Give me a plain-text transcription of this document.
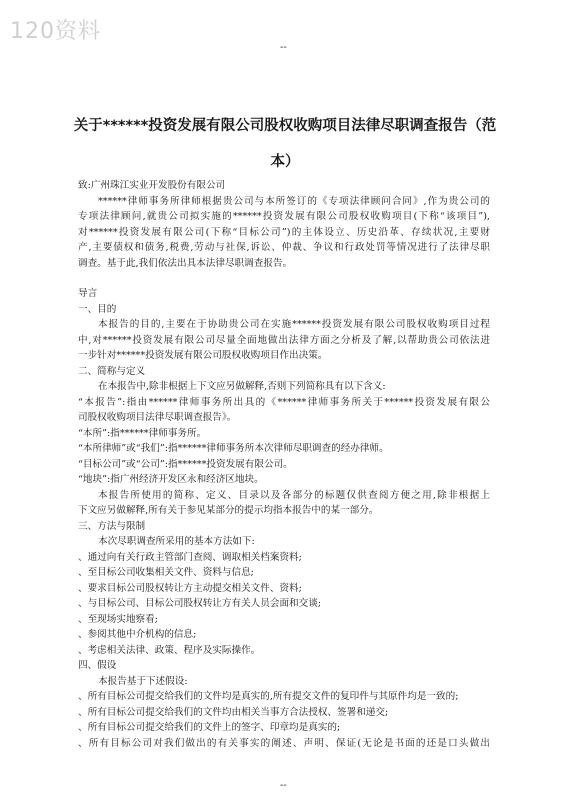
120资料
--
关于******投资发展有限公司股权收购项目法律尽职调查报告（范
本）
致:广州珠江实业开发股份有限公司
******律师事务所律师根据贵公司与本所签订的《专项法律顾问合同》,作为贵公司的
专项法律顾问,就贵公司拟实施的******投资发展有限公司股权收购项目(下称“该项目”),
对******投资发展有限公司(下称“目标公司”)的主体设立、历史沿革、存续状况,主要财
产,主要债权和债务,税费,劳动与社保,诉讼、仲裁、争议和行政处罚等情况进行了法律尽职
调查。基于此,我们依法出具本法律尽职调查报告。
导言
一、目的
本报告的目的,主要在于协助贵公司在实施******投资发展有限公司股权收购项目过程
中,对******投资发展有限公司尽量全面地做出法律方面之分析及了解,以帮助贵公司依法进
一步针对******投资发展有限公司股权收购项目作出决策。
二、简称与定义
在本报告中,除非根据上下文应另做解释,否则下列简称具有以下含义:
“本报告”:指由******律师事务所出具的《******律师事务所关于******投资发展有限公
司股权收购项目法律尽职调查报告》。
“本所”:指******律师事务所。
“本所律师”或“我们”:指******律师事务所本次律师尽职调查的经办律师。
“目标公司”或“公司”:指******投资发展有限公司。
“地块”:指广州经济开发区永和经济区地块。
本报告所使用的简称、定义、目录以及各部分的标题仅供查阅方便之用,除非根据上
下文应另做解释,所有关于参见某部分的提示均指本报告中的某一部分。
三、方法与限制
本次尽职调查所采用的基本方法如下:
、通过向有关行政主管部门查阅、调取相关档案资料;
、至目标公司收集相关文件、资料与信息;
、要求目标公司股权转让方主动提交相关文件、资料;
、与目标公司、目标公司股权转让方有关人员会面和交谈;
、至现场实地察看;
、参阅其他中介机构的信息;
、考虑相关法律、政策、程序及实际操作。
四、假设
本报告基于下述假设:
、所有目标公司提交给我们的文件均是真实的,所有提交文件的复印件与其原件均是一致的;
、所有目标公司提交给我们的文件均由相关当事方合法授权、签署和递交;
、所有目标公司提交给我们的文件上的签字、印章均是真实的;
、所有目标公司对我们做出的有关事实的阐述、声明、保证(无论是书面的还是口头做出
--
